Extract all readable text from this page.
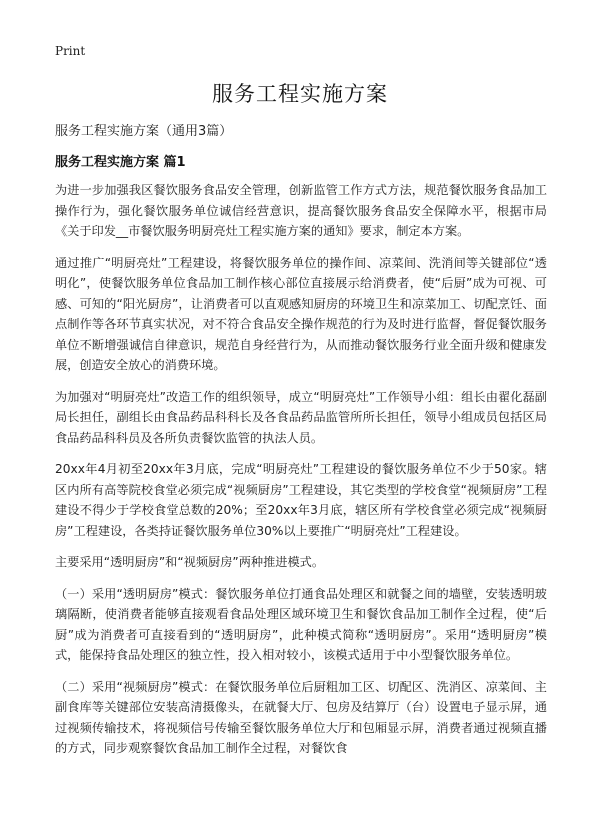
Print
服务工程实施方案
服务工程实施方案（通用3篇）
服务工程实施方案 篇1

为进一步加强我区餐饮服务食品安全管理，创新监管工作方式方法，规范餐饮服务食品加工操作行为，强化餐饮服务单位诚信经营意识，提高餐饮服务食品安全保障水平，根据市局《关于印发__市餐饮服务明厨亮灶工程实施方案的通知》要求，制定本方案。

通过推广“明厨亮灶”工程建设，将餐饮服务单位的操作间、凉菜间、洗消间等关键部位“透明化”，使餐饮服务单位食品加工制作核心部位直接展示给消费者，使“后厨”成为可视、可感、可知的“阳光厨房”，让消费者可以直观感知厨房的环境卫生和凉菜加工、切配烹饪、面点制作等各环节真实状况，对不符合食品安全操作规范的行为及时进行监督，督促餐饮服务单位不断增强诚信自律意识，规范自身经营行为，从而推动餐饮服务行业全面升级和健康发展，创造安全放心的消费环境。

为加强对“明厨亮灶”改造工作的组织领导，成立“明厨亮灶”工作领导小组：组长由翟化磊副局长担任，副组长由食品药品科科长及各食品药品监管所所长担任，领导小组成员包括区局食品药品科科员及各所负责餐饮监管的执法人员。

20xx年4月初至20xx年3月底，完成“明厨亮灶”工程建设的餐饮服务单位不少于50家。辖区内所有高等院校食堂必须完成“视频厨房”工程建设，其它类型的学校食堂“视频厨房”工程建设不得少于学校食堂总数的20%；至20xx年3月底，辖区所有学校食堂必须完成“视频厨房”工程建设，各类持证餐饮服务单位30%以上要推广“明厨亮灶”工程建设。

主要采用“透明厨房”和“视频厨房”两种推进模式。

（一）采用“透明厨房”模式：餐饮服务单位打通食品处理区和就餐之间的墙壁，安装透明玻璃隔断，使消费者能够直接观看食品处理区域环境卫生和餐饮食品加工制作全过程，使“后厨”成为消费者可直接看到的“透明厨房”，此种模式简称“透明厨房”。采用“透明厨房”模式，能保持食品处理区的独立性，投入相对较小，该模式适用于中小型餐饮服务单位。

（二）采用“视频厨房”模式：在餐饮服务单位后厨粗加工区、切配区、洗消区、凉菜间、主副食库等关键部位安装高清摄像头，在就餐大厅、包房及结算厅（台）设置电子显示屏，通过视频传输技术，将视频信号传输至餐饮服务单位大厅和包厢显示屏，消费者通过视频直播的方式，同步观察餐饮食品加工制作全过程，对餐饮食
